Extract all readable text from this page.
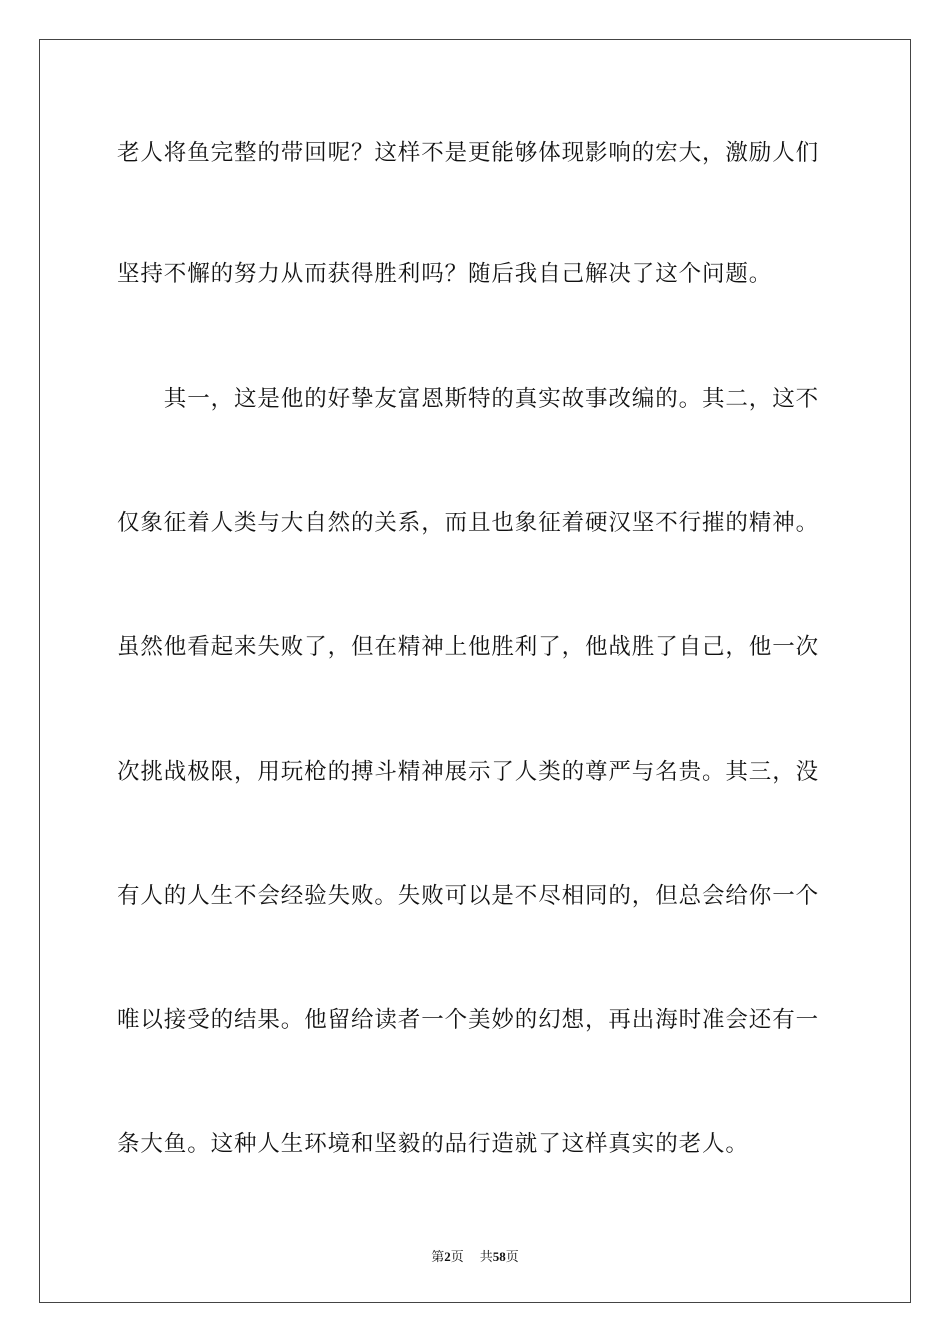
老人将鱼完整的带回呢？这样不是更能够体现影响的宏大，激励人们
坚持不懈的努力从而获得胜利吗？随后我自己解决了这个问题。
　　其一，这是他的好挚友富恩斯特的真实故事改编的。其二，这不
仅象征着人类与大自然的关系，而且也象征着硬汉坚不行摧的精神。
虽然他看起来失败了，但在精神上他胜利了，他战胜了自己，他一次
次挑战极限，用玩枪的搏斗精神展示了人类的尊严与名贵。其三，没
有人的人生不会经验失败。失败可以是不尽相同的，但总会给你一个
唯以接受的结果。他留给读者一个美妙的幻想，再出海时准会还有一
条大鱼。这种人生环境和坚毅的品行造就了这样真实的老人。
第2页 共58页
